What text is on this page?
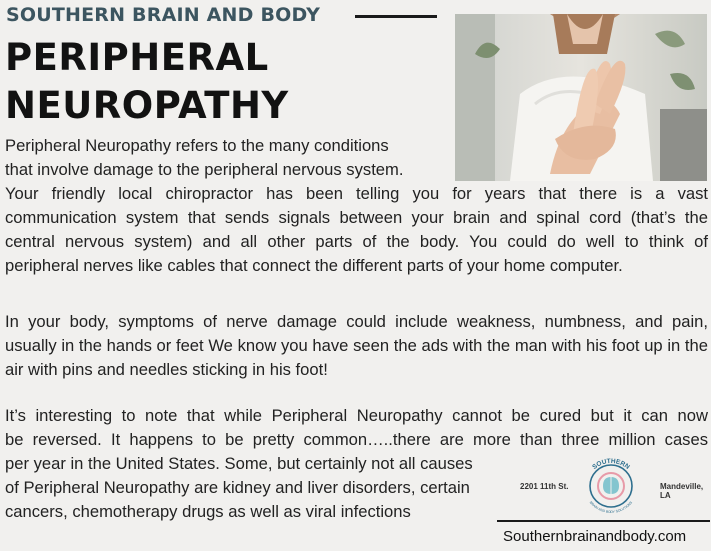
SOUTHERN BRAIN AND BODY
PERIPHERAL
NEUROPATHY

Peripheral Neuropathy refers to the many conditions
that involve damage to the peripheral nervous system.

Your friendly local chiropractor has been telling you for years that there is a vast
communication system that sends signals between your brain and spinal cord (that’s the
central nervous system) and all other parts of the body. You could do well to think of
peripheral nerves like cables that connect the different parts of your home computer.

In your body, symptoms of nerve damage could include weakness, numbness, and pain, usually in the hands or feet We know you have seen the ads with the man with his foot up in the air with pins and needles sticking in his foot!

It’s interesting to note that while Peripheral Neuropathy cannot be cured but it can now
be reversed. It happens to be pretty common…..there are more than three million cases

per year in the United States. Some, but certainly not all causes
of Peripheral Neuropathy are kidney and liver disorders, certain
cancers, chemotherapy drugs as well as viral infections

2201 11th St.
SOUTHERN
BRAIN AND BODY SOLUTIONS
Mandeville, LA
Southernbrainandbody.com
